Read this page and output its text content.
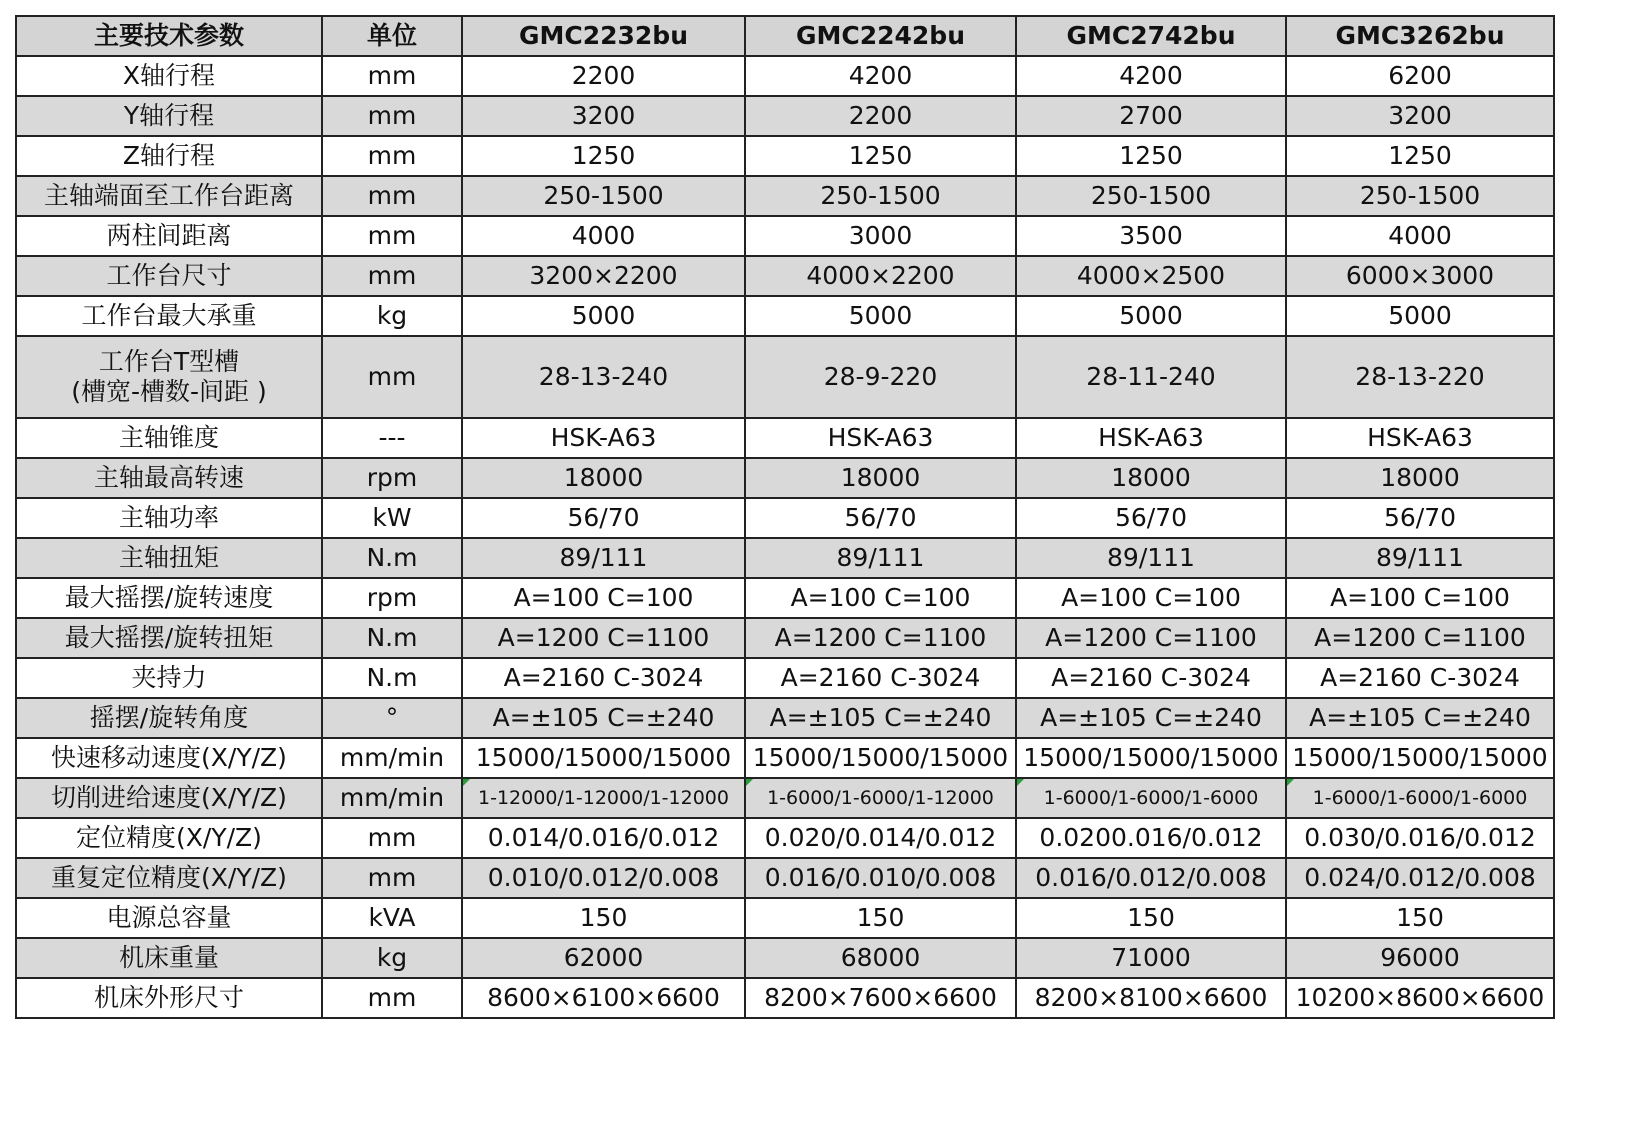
主要技术参数	单位	GMC2232bu	GMC2242bu	GMC2742bu	GMC3262bu

X轴行程	mm	2200	4200	4200	6200

Y轴行程	mm	3200	2200	2700	3200

Z轴行程	mm	1250	1250	1250	1250

主轴端面至工作台距离	mm	250-1500	250-1500	250-1500	250-1500

两柱间距离	mm	4000	3000	3500	4000

工作台尺寸	mm	3200×2200	4000×2200	4000×2500	6000×3000

工作台最大承重	kg	5000	5000	5000	5000

工作台T型槽
(槽宽-槽数-间距 )	mm	28-13-240	28-9-220	28-11-240	28-13-220

主轴锥度	---	HSK-A63	HSK-A63	HSK-A63	HSK-A63

主轴最高转速	rpm	18000	18000	18000	18000

主轴功率	kW	56/70	56/70	56/70	56/70

主轴扭矩	N.m	89/111	89/111	89/111	89/111

最大摇摆/旋转速度	rpm	A=100 C=100	A=100 C=100	A=100 C=100	A=100 C=100

最大摇摆/旋转扭矩	N.m	A=1200 C=1100	A=1200 C=1100	A=1200 C=1100	A=1200 C=1100

夹持力	N.m	A=2160 C-3024	A=2160 C-3024	A=2160 C-3024	A=2160 C-3024

摇摆/旋转角度	°	A=±105 C=±240	A=±105 C=±240	A=±105 C=±240	A=±105 C=±240

快速移动速度(X/Y/Z)	mm/min	15000/15000/15000	15000/15000/15000	15000/15000/15000	15000/15000/15000

切削进给速度(X/Y/Z)	mm/min	1-12000/1-12000/1-12000	1-6000/1-6000/1-12000	1-6000/1-6000/1-6000	1-6000/1-6000/1-6000

定位精度(X/Y/Z)	mm	0.014/0.016/0.012	0.020/0.014/0.012	0.0200.016/0.012	0.030/0.016/0.012

重复定位精度(X/Y/Z)	mm	0.010/0.012/0.008	0.016/0.010/0.008	0.016/0.012/0.008	0.024/0.012/0.008

电源总容量	kVA	150	150	150	150

机床重量	kg	62000	68000	71000	96000

机床外形尺寸	mm	8600×6100×6600	8200×7600×6600	8200×8100×6600	10200×8600×6600
